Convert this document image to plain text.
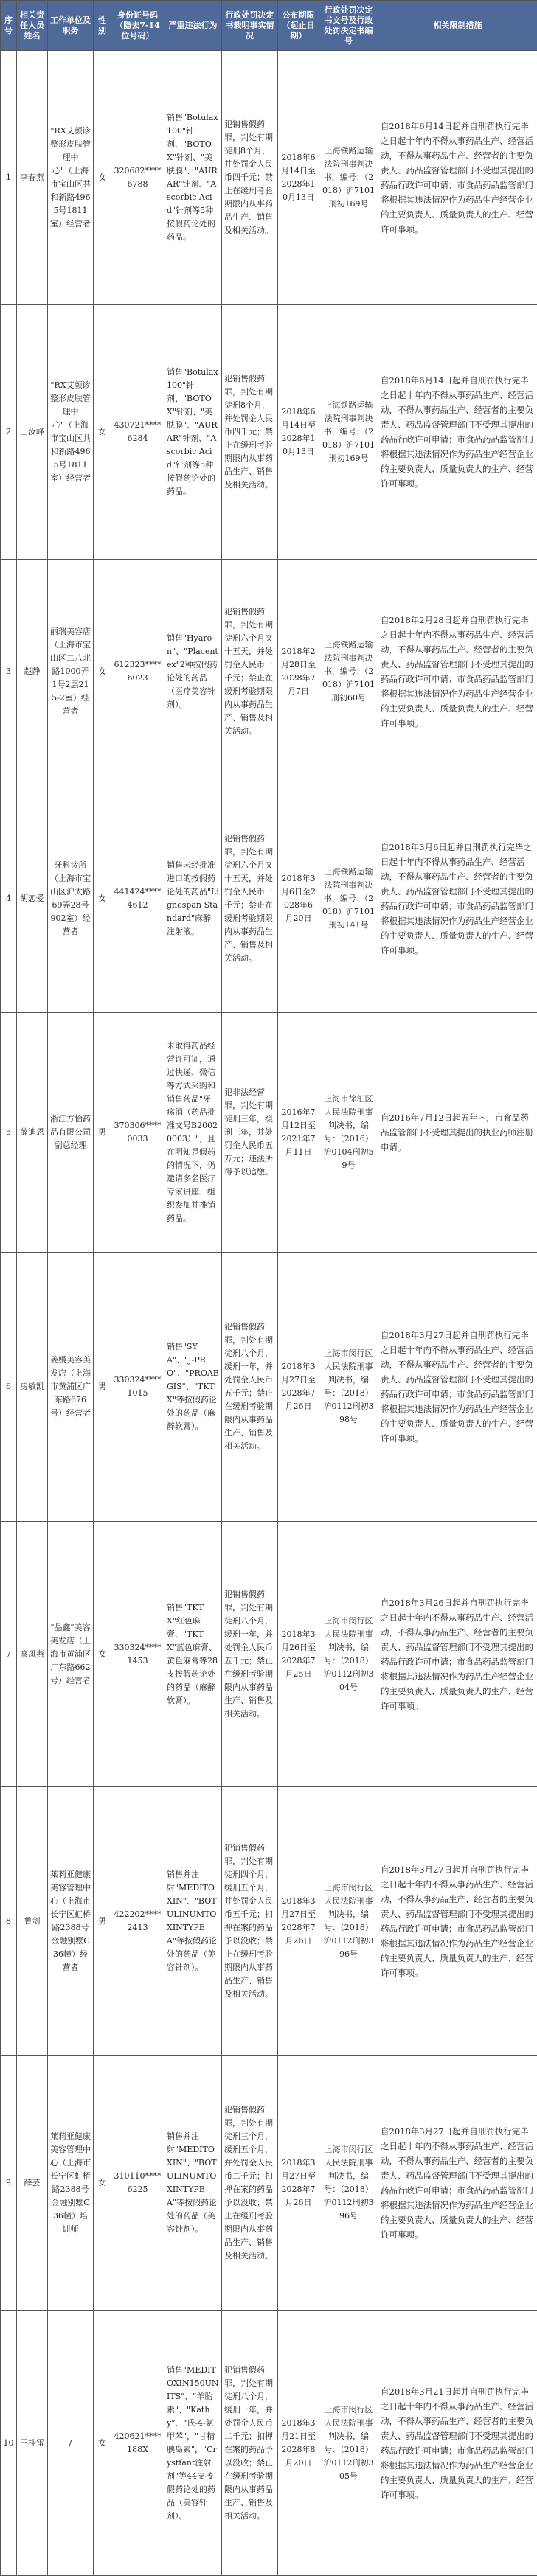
序号	相关责任人员姓名	工作单位及职务	性别	身份证号码（隐去7-14位号码）	严重违法行为	行政处罚决定书载明事实情况	公布期限（起止日期）	行政处罚决定书文号及行政处罚决定书编号	相关限制措施
1	李春燕	"RX艾颜诊整形皮肤管理中心"（上海市宝山区共和新路4965号1811室）经营者	女	320682****6788	销售"Botulax 100"针剂、"BOTOX"针剂、"美肤膜"、"AURAR"针剂、"Ascorbic Acid"针剂等5种按假药论处的药品。	犯销售假药罪，判处有期徒刑8个月，并处罚金人民币四千元；禁止在缓刑考验期限内从事药品生产、销售及相关活动。	2018年6月14日至2028年10月13日	上海铁路运输法院刑事判决书，编号：（2018）沪7101刑初169号	自2018年6月14日起并自刑罚执行完毕之日起十年内不得从事药品生产、经营活动，不得从事药品生产、经营者的主要负责人、药品监督管理部门不受理其提出的药品行政许可申请；市食品药品监管部门将根据其违法情况作为药品生产经营企业的主要负责人、质量负责人的生产、经营许可事项。
2	王汝峰	"RX艾颜诊整形皮肤管理中心"（上海市宝山区共和新路4965号1811室）经营者	女	430721****6284	销售"Botulax 100"针剂、"BOTOX"针剂、"美肤膜"、"AURAR"针剂、"Ascorbic Acid"针剂等5种按假药论处的药品。	犯销售假药罪，判处有期徒刑8个月，并处罚金人民币四千元；禁止在缓刑考验期限内从事药品生产、销售及相关活动。	2018年6月14日至2028年10月13日	上海铁路运输法院刑事判决书，编号：（2018）沪7101刑初169号	自2018年6月14日起并自刑罚执行完毕之日起十年内不得从事药品生产、经营活动，不得从事药品生产、经营者的主要负责人、药品监督管理部门不受理其提出的药品行政许可申请；市食品药品监管部门将根据其违法情况作为药品生产经营企业的主要负责人、质量负责人的生产、经营许可事项。
3	赵静	丽瑞美容店（上海市宝山区二八北路1000弄1号2层215-2室）经营者	女	612323****6023	销售"Hyaron"、"Placentex"2种按假药论处的药品（医疗美容针剂）。	犯销售假药罪，判处有期徒刑六个月又十五天，并处罚金人民币一千元；禁止在缓刑考验期限内从事药品生产、销售及相关活动。	2018年2月28日至2028年7月7日	上海铁路运输法院刑事判决书，编号：（2018）沪7101刑初60号	自2018年2月28日起并自刑罚执行完毕之日起十年内不得从事药品生产、经营活动，不得从事药品生产、经营者的主要负责人、药品监督管理部门不受理其提出的药品行政许可申请；市食品药品监管部门将根据其违法情况作为药品生产经营企业的主要负责人、质量负责人的生产、经营许可事项。
4	胡恋爱	牙科诊所（上海市宝山区沪太路69弄28号902室）经营者	女	441424****4612	销售未经批准进口的按假药论处的药品"Lignospan Standard"麻醉注射液。	犯销售假药罪，判处有期徒刑六个月又十五天，并处罚金人民币一千元；禁止在缓刑考验期限内从事药品生产、销售及相关活动。	2018年3月6日至2028年6月20日	上海铁路运输法院刑事判决书，编号：（2018）沪7101刑初141号	自2018年3月6日起并自刑罚执行完毕之日起十年内不得从事药品生产、经营活动，不得从事药品生产、经营者的主要负责人、药品监督管理部门不受理其提出的药品行政许可申请；市食品药品监管部门将根据其违法情况作为药品生产经营企业的主要负责人、质量负责人的生产、经营许可事项。
5	薛迪恩	浙江方怡药品有限公司副总经理	男	370306****0033	未取得药品经营许可证，通过快递、微信等方式采购和销售药品"牙疡消（药品批准文号B20020003）"，且在明知是假药的情况下，仍邀请多名医疗专家讲座、组织参加并推销药品。	犯非法经营罪，判处有期徒刑三年，缓刑三年，并处罚金人民币五万元；违法所得予以追缴。	2016年7月12日至2021年7月11日	上海市徐汇区人民法院刑事判决书，编号：（2016）沪0104刑初59号	自2016年7月12日起五年内，市食品药品监管部门不受理其提出的执业药师注册申请。
6	房敏凯	姜媛美容美发店（上海市黄浦区广东路676号）经营者	男	330324****1015	销售"SYA"、"J-PRO"、"PROAEGIS"、"TKTX"等按假药论处的药品（麻醉软膏）。	犯销售假药罪，判处有期徒刑八个月，缓刑一年，并处罚金人民币五千元；禁止在缓刑考验期限内从事药品生产、销售及相关活动。	2018年3月27日至2028年7月26日	上海市闵行区人民法院刑事判决书，编号：（2018）沪0112刑初398号	自2018年3月27日起并自刑罚执行完毕之日起十年内不得从事药品生产、经营活动，不得从事药品生产、经营者的主要负责人、药品监督管理部门不受理其提出的药品行政许可申请；市食品药品监管部门将根据其违法情况作为药品生产经营企业的主要负责人、质量负责人的生产、经营许可事项。
7	廖凤燕	"晶鑫"美容美发店（上海市黄浦区广东路662号）经营者	女	330324****1453	销售"TKTX"红色麻膏、"TKTX"蓝色麻膏、黄色麻膏等28支按假药论处的药品（麻醉软膏）。	犯销售假药罪，判处有期徒刑八个月，缓刑一年，并处罚金人民币五千元；禁止在缓刑考验期限内从事药品生产、销售及相关活动。	2018年3月26日至2028年7月25日	上海市闵行区人民法院刑事判决书，编号：（2018）沪0112刑初304号	自2018年3月26日起并自刑罚执行完毕之日起十年内不得从事药品生产、经营活动，不得从事药品生产、经营者的主要负责人、药品监督管理部门不受理其提出的药品行政许可申请；市食品药品监管部门将根据其违法情况作为药品生产经营企业的主要负责人、质量负责人的生产、经营许可事项。
8	鲁剑	莱莉亚健康美容管理中心（上海市长宁区虹桥路2388号金融别墅C36幢）经营者	男	422202****2413	销售并注射"MEDITOXIN"、"BOTULINUMTOXINTYPEA"等按假药论处的药品（美容针剂）。	犯销售假药罪，判处有期徒刑四个月，缓刑五个月，并处罚金人民币五千元；扣押在案的药品予以没收；禁止在缓刑考验期限内从事药品生产、销售及相关活动。	2018年3月27日至2028年7月26日	上海市闵行区人民法院刑事判决书，编号：（2018）沪0112刑初396号	自2018年3月27日起并自刑罚执行完毕之日起十年内不得从事药品生产、经营活动，不得从事药品生产、经营者的主要负责人、药品监督管理部门不受理其提出的药品行政许可申请；市食品药品监管部门将根据其违法情况作为药品生产经营企业的主要负责人、质量负责人的生产、经营许可事项。
9	薛芸	莱莉亚健康美容管理中心（上海市长宁区虹桥路2388号金融别墅C36幢）培训师	女	310110****6225	销售并注射"MEDITOXIN"、"BOTULINUMTOXINTYPEA"等按假药论处的药品（美容针剂）。	犯销售假药罪，判处有期徒刑三个月，缓刑五个月，并处罚金人民币二千元；扣押在案的药品予以没收；禁止在缓刑考验期限内从事药品生产、销售及相关活动。	2018年3月27日至2028年7月26日	上海市闵行区人民法院刑事判决书，编号：（2018）沪0112刑初396号	自2018年3月27日起并自刑罚执行完毕之日起十年内不得从事药品生产、经营活动，不得从事药品生产、经营者的主要负责人、药品监督管理部门不受理其提出的药品行政许可申请；市食品药品监管部门将根据其违法情况作为药品生产经营企业的主要负责人、质量负责人的生产、经营许可事项。
10	王桂雷	/	女	420621****188X	销售"MEDITOXIN150UNITS"、"羊胎素"、"Kathy"、"氏-4-氨甲苯"，"甘精胰岛素"，"Crystfant注射剂"等44支按假药论处的药品（美容针剂）。	犯销售假药罪，判处有期徒刑八个月，缓刑一年，并处罚金人民币二千元；扣押在案的药品予以没收；禁止在缓刑考验期限内从事药品生产、销售及相关活动。	2018年3月21日至2028年8月20日	上海市闵行区人民法院刑事判决书，编号：（2018）沪0112刑初305号	自2018年3月21日起并自刑罚执行完毕之日起十年内不得从事药品生产、经营活动，不得从事药品生产、经营者的主要负责人、药品监督管理部门不受理其提出的药品行政许可申请；市食品药品监管部门将根据其违法情况作为药品生产经营企业的主要负责人、质量负责人的生产、经营许可事项。
